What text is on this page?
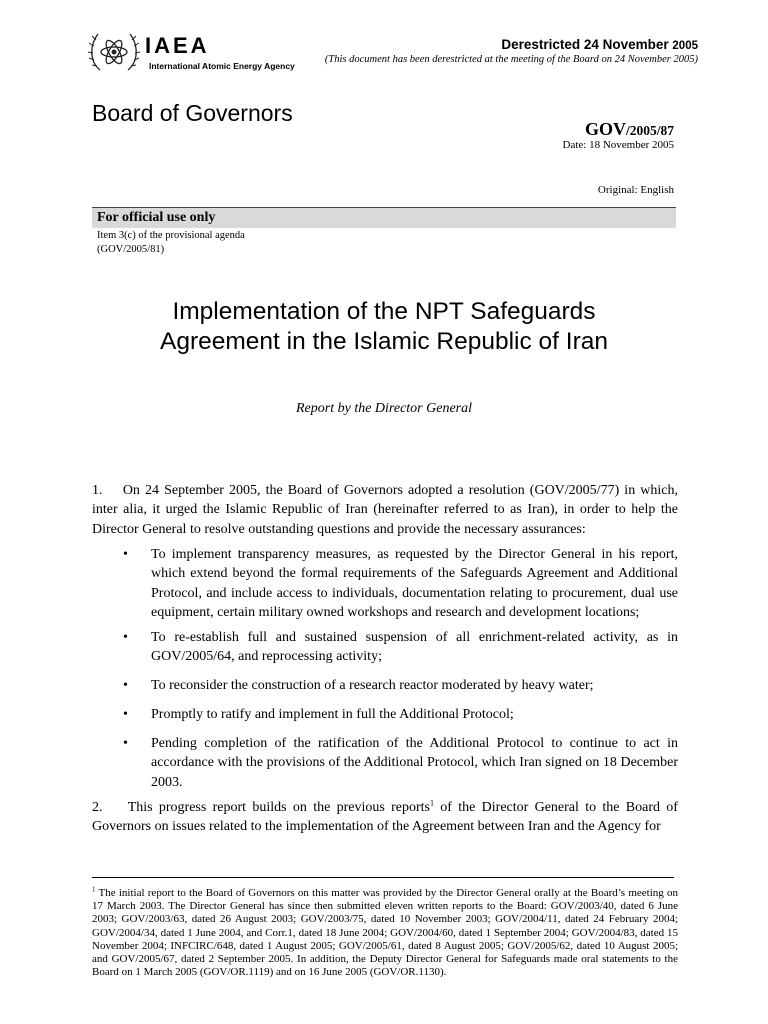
IAEA
International Atomic Energy Agency
Derestricted 24 November 2005
(This document has been derestricted at the meeting of the Board on 24 November 2005)
Board of Governors
GOV/2005/87
Date: 18 November 2005
Original: English
For official use only
Item 3(c) of the provisional agenda
(GOV/2005/81)
Implementation of the NPT Safeguards
Agreement in the Islamic Republic of Iran
Report by the Director General
1.    On 24 September 2005, the Board of Governors adopted a resolution (GOV/2005/77) in which, inter alia, it urged the Islamic Republic of Iran (hereinafter referred to as Iran), in order to help the Director General to resolve outstanding questions and provide the necessary assurances:
•	To implement transparency measures, as requested by the Director General in his report, which extend beyond the formal requirements of the Safeguards Agreement and Additional Protocol, and include access to individuals, documentation relating to procurement, dual use equipment, certain military owned workshops and research and development locations;
•	To re-establish full and sustained suspension of all enrichment-related activity, as in GOV/2005/64, and reprocessing activity;
•	To reconsider the construction of a research reactor moderated by heavy water;
•	Promptly to ratify and implement in full the Additional Protocol;
•	Pending completion of the ratification of the Additional Protocol to continue to act in accordance with the provisions of the Additional Protocol, which Iran signed on 18 December 2003.
2.    This progress report builds on the previous reports$^1$ of the Director General to the Board of Governors on issues related to the implementation of the Agreement between Iran and the Agency for
$^1$ The initial report to the Board of Governors on this matter was provided by the Director General orally at the Board’s meeting on 17 March 2003. The Director General has since then submitted eleven written reports to the Board: GOV/2003/40, dated 6 June 2003; GOV/2003/63, dated 26 August 2003; GOV/2003/75, dated 10 November 2003; GOV/2004/11, dated 24 February 2004; GOV/2004/34, dated 1 June 2004, and Corr.1, dated 18 June 2004; GOV/2004/60, dated 1 September 2004; GOV/2004/83, dated 15 November 2004; INFCIRC/648, dated 1 August 2005; GOV/2005/61, dated 8 August 2005; GOV/2005/62, dated 10 August 2005; and GOV/2005/67, dated 2 September 2005. In addition, the Deputy Director General for Safeguards made oral statements to the Board on 1 March 2005 (GOV/OR.1119) and on 16 June 2005 (GOV/OR.1130).
